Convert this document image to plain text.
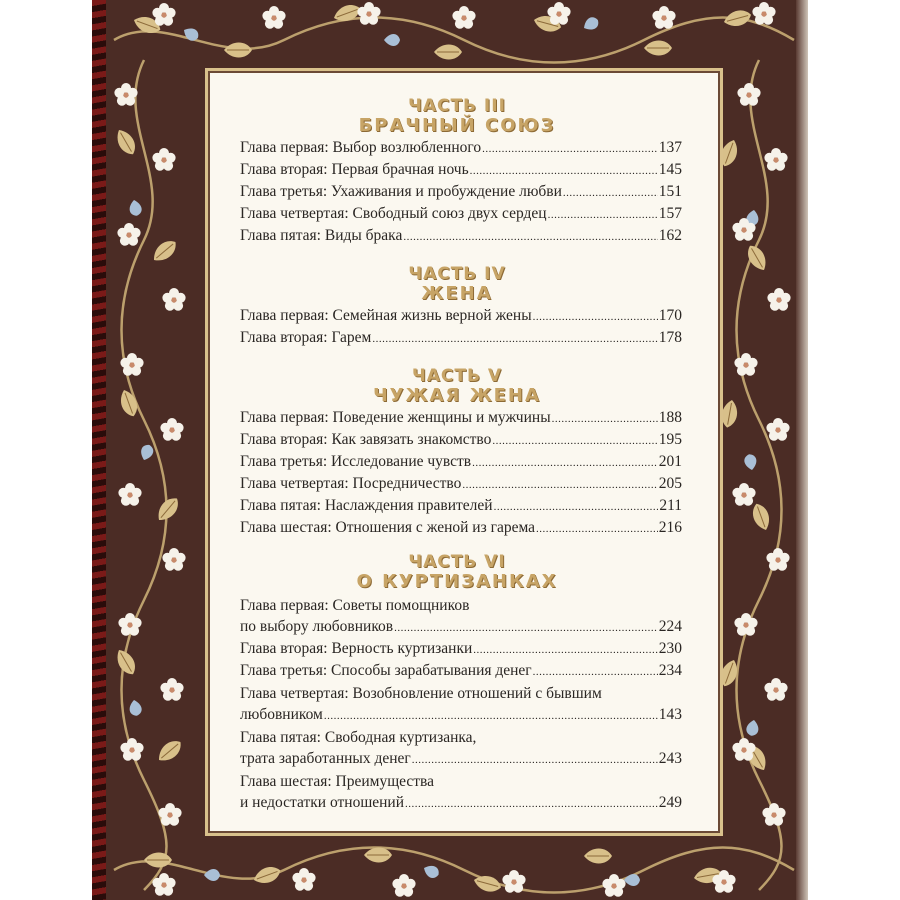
ЧАСТЬ III
БРАЧНЫЙ СОЮЗ
Глава первая: Выбор возлюбленного .....	137
Глава вторая: Первая брачная ночь .....	145
Глава третья: Ухаживания и пробуждение любви .....	151
Глава четвертая: Свободный союз двух сердец .....	157
Глава пятая: Виды брака .....	162
ЧАСТЬ IV
ЖЕНА
Глава первая: Семейная жизнь верной жены .....	170
Глава вторая: Гарем .....	178
ЧАСТЬ V
ЧУЖАЯ ЖЕНА
Глава первая: Поведение женщины и мужчины .....	188
Глава вторая: Как завязать знакомство .....	195
Глава третья: Исследование чувств .....	201
Глава четвертая: Посредничество .....	205
Глава пятая: Наслаждения правителей .....	211
Глава шестая: Отношения с женой из гарема .....	216
ЧАСТЬ VI
О КУРТИЗАНКАХ
Глава первая: Советы помощников
по выбору любовников .....	224
Глава вторая: Верность куртизанки .....	230
Глава третья: Способы зарабатывания денег .....	234
Глава четвертая: Возобновление отношений с бывшим
любовником .....	143
Глава пятая: Свободная куртизанка,
трата заработанных денег .....	243
Глава шестая: Преимущества
и недостатки отношений .....	249
